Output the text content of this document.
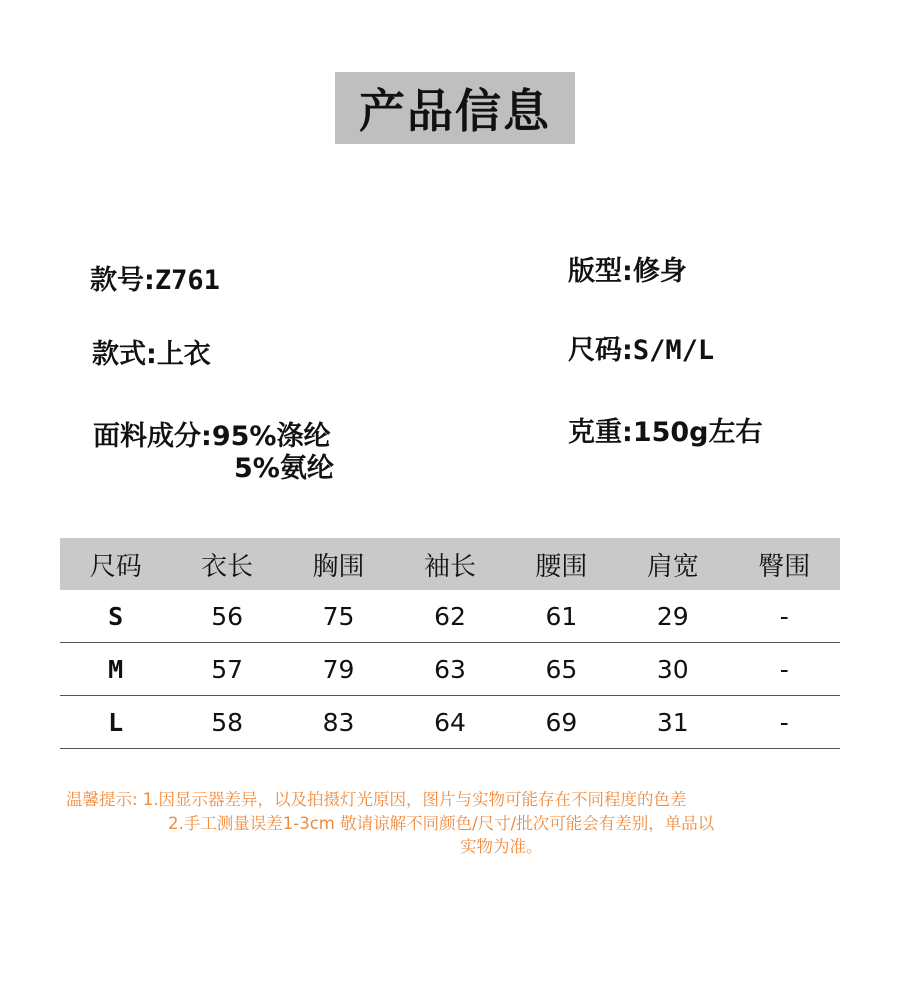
产品信息
款号:Z761
款式:上衣
面料成分:95%涤纶
5%氨纶
版型:修身
尺码:S/M/L
克重:150g左右
尺码	衣长	胸围	袖长	腰围	肩宽	臀围
S	56	75	62	61	29	-
M	57	79	63	65	30	-
L	58	83	64	69	31	-
温馨提示: 1.因显示器差异，以及拍摄灯光原因，图片与实物可能存在不同程度的色差
2.手工测量误差1-3cm 敬请谅解不同颜色/尺寸/批次可能会有差别，单品以
实物为准。
